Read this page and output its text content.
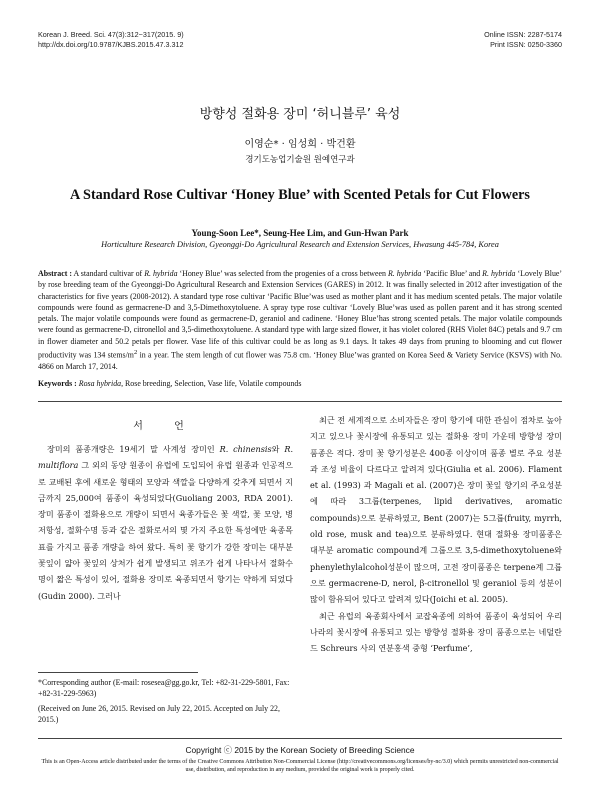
Korean J. Breed. Sci. 47(3):312~317(2015. 9)
http://dx.doi.org/10.9787/KJBS.2015.47.3.312
Online ISSN: 2287-5174
Print ISSN: 0250-3360
방향성 절화용 장미 ‘허니블루’ 육성
이영순* · 임성희 · 박건환
경기도농업기술원 원예연구과
A Standard Rose Cultivar ‘Honey Blue’ with Scented Petals for Cut Flowers
Young-Soon Lee*, Seung-Hee Lim, and Gun-Hwan Park
Horticulture Research Division, Gyeonggi-Do Agricultural Research and Extension Services, Hwasung 445-784, Korea
Abstract : A standard cultivar of R. hybrida ‘Honey Blue’ was selected from the progenies of a cross between R. hybrida ‘Pacific Blue’ and R. hybrida ‘Lovely Blue’ by rose breeding team of the Gyeonggi-Do Agricultural Research and Extension Services (GARES) in 2012. It was finally selected in 2012 after investigation of the characteristics for five years (2008-2012). A standard type rose cultivar ‘Pacific Blue’was used as mother plant and it has medium scented petals. The major volatile compounds were found as germacrene-D and 3,5-Dimethoxytoluene. A spray type rose cultivar ‘Lovely Blue’was used as pollen parent and it has strong scented petals. The major volatile compounds were found as germacrene-D, geraniol and cadinene. ‘Honey Blue’has strong scented petals. The major volatile compounds were found as germacrene-D, citronellol and 3,5-dimethoxytoluene. A standard type with large sized flower, it has violet colored (RHS Violet 84C) petals and 9.7 cm in flower diameter and 50.2 petals per flower. Vase life of this cultivar could be as long as 9.1 days. It takes 49 days from pruning to blooming and cut flower productivity was 134 stems/$m^2$ in a year. The stem length of cut flower was 75.8 cm. ‘Honey Blue’was granted on Korea Seed & Variety Service (KSVS) with No. 4866 on March 17, 2014.
Keywords : Rosa hybrida, Rose breeding, Selection, Vase life, Volatile compounds
서 언

장미의 품종개량은 19세기 말 사계성 장미인 R. chinensis와 R. multiflora 그 외의 동양 원종이 유럽에 도입되어 유럽 원종과 인공적으로 교배된 후에 새로운 형태의 모양과 색깔을 다양하게 갖추게 되면서 지금까지 25,000여 품종이 육성되었다(Guoliang 2003, RDA 2001). 장미 품종이 절화용으로 개량이 되면서 육종가들은 꽃 색깔, 꽃 모양, 병저항성, 절화수명 등과 같은 절화로서의 몇 가지 주요한 특성에만 육종목표를 가지고 품종 개량을 하여 왔다. 특히 꽃 향기가 강한 장미는 대부분 꽃잎이 얇아 꽃잎의 상처가 쉽게 발생되고 위조가 쉽게 나타나서 절화수명이 짧은 특성이 있어, 절화용 장미로 육종되면서 향기는 약하게 되었다(Gudin 2000). 그러나

최근 전 세계적으로 소비자들은 장미 향기에 대한 관심이 점차로 높아지고 있으나 꽃시장에 유통되고 있는 절화용 장미 가운데 방향성 장미 품종은 적다. 장미 꽃 향기성분은 400종 이상이며 품종 별로 주요 성분과 조성 비율이 다르다고 알려져 있다(Giulia et al. 2006). Flament et al. (1993) 과 Magali et al. (2007)은 장미 꽃잎 향기의 주요성분에 따라 3그룹(terpenes, lipid derivatives, aromatic compounds)으로 분류하였고, Bent (2007)는 5그룹(fruity, myrrh, old rose, musk and tea)으로 분류하였다. 현대 절화용 장미품종은 대부분 aromatic compound계 그룹으로 3,5-dimethoxytoluene와 phenylethylalcohol성분이 많으며, 고전 장미품종은 terpene계 그룹으로 germacrene-D, nerol, β-citronellol 및 geraniol 등의 성분이 많이 함유되어 있다고 알려져 있다(Joichi et al. 2005).

최근 유럽의 육종회사에서 교잡육종에 의하여 품종이 육성되어 우리나라의 꽃시장에 유통되고 있는 방향성 절화용 장미 품종으로는 네덜란드 Schreurs 사의 연분홍색 중형 ‘Perfume’,

*Corresponding author (E-mail: rosesea@gg.go.kr, Tel: +82-31-229-5801, Fax: +82-31-229-5963)
(Received on June 26, 2015. Revised on July 22, 2015. Accepted on July 22, 2015.)
Copyright ⓒ 2015 by the Korean Society of Breeding Science
This is an Open-Access article distributed under the terms of the Creative Commons Attribution Non-Commercial License (http://creativecommons.org/licenses/by-nc/3.0) which permits unrestricted non-commercial use, distribution, and reproduction in any medium, provided the original work is properly cited.
